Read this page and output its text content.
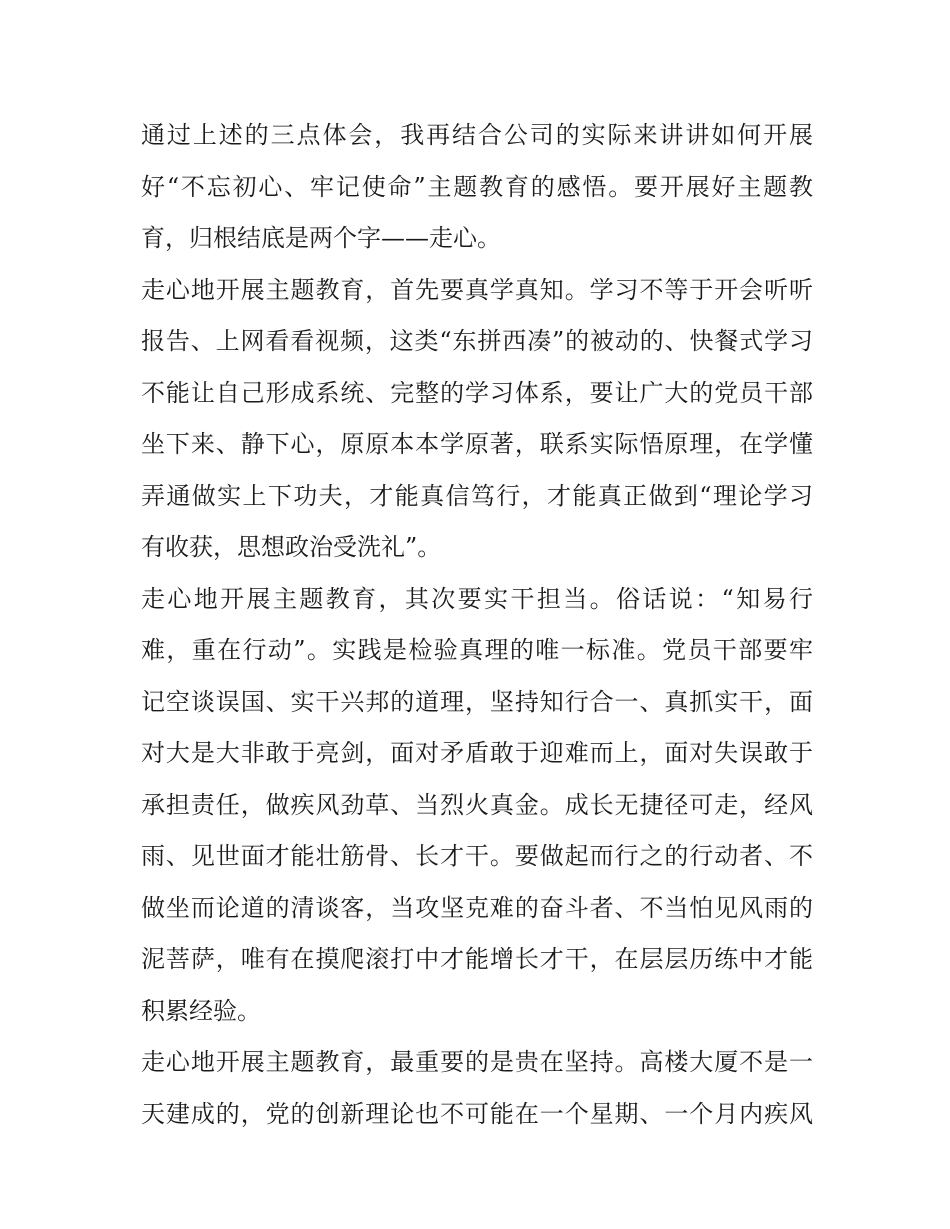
通过上述的三点体会，我再结合公司的实际来讲讲如何开展
好“不忘初心、牢记使命”主题教育的感悟。要开展好主题教
育，归根结底是两个字——走心。
走心地开展主题教育，首先要真学真知。学习不等于开会听听
报告、上网看看视频，这类“东拼西凑”的被动的、快餐式学习
不能让自己形成系统、完整的学习体系，要让广大的党员干部
坐下来、静下心，原原本本学原著，联系实际悟原理，在学懂
弄通做实上下功夫，才能真信笃行，才能真正做到“理论学习
有收获，思想政治受洗礼”。
走心地开展主题教育，其次要实干担当。俗话说：“知易行
难，重在行动”。实践是检验真理的唯一标准。党员干部要牢
记空谈误国、实干兴邦的道理，坚持知行合一、真抓实干，面
对大是大非敢于亮剑，面对矛盾敢于迎难而上，面对失误敢于
承担责任，做疾风劲草、当烈火真金。成长无捷径可走，经风
雨、见世面才能壮筋骨、长才干。要做起而行之的行动者、不
做坐而论道的清谈客，当攻坚克难的奋斗者、不当怕见风雨的
泥菩萨，唯有在摸爬滚打中才能增长才干，在层层历练中才能
积累经验。
走心地开展主题教育，最重要的是贵在坚持。高楼大厦不是一
天建成的，党的创新理论也不可能在一个星期、一个月内疾风
